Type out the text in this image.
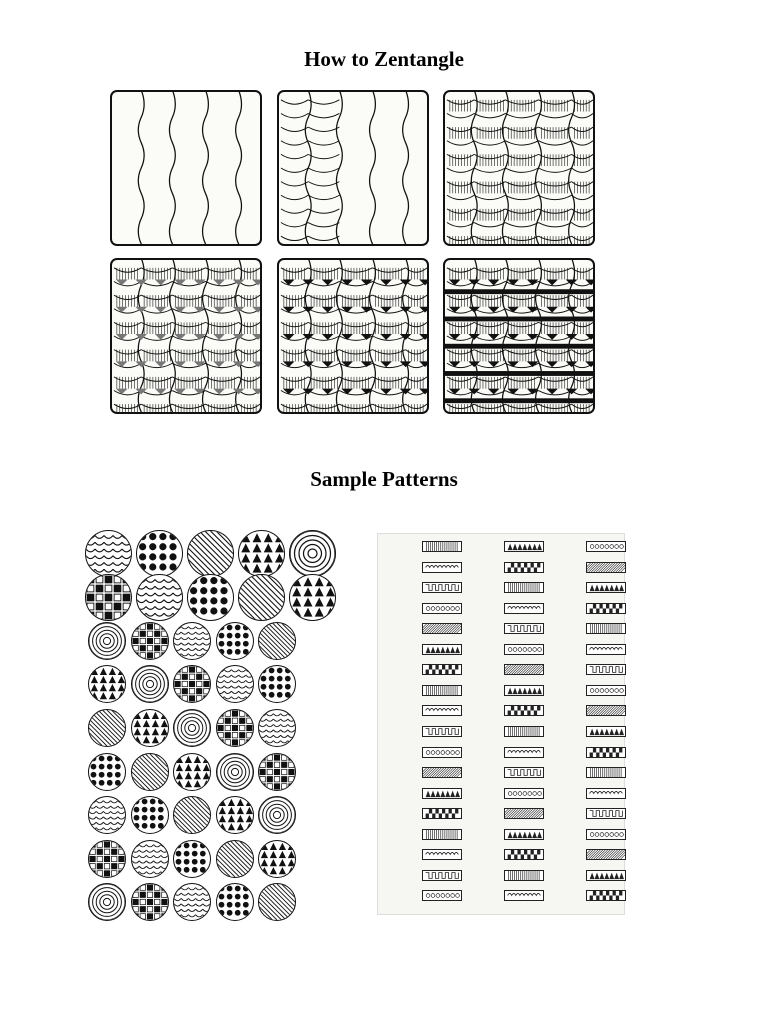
How to Zentangle
Sample Patterns
